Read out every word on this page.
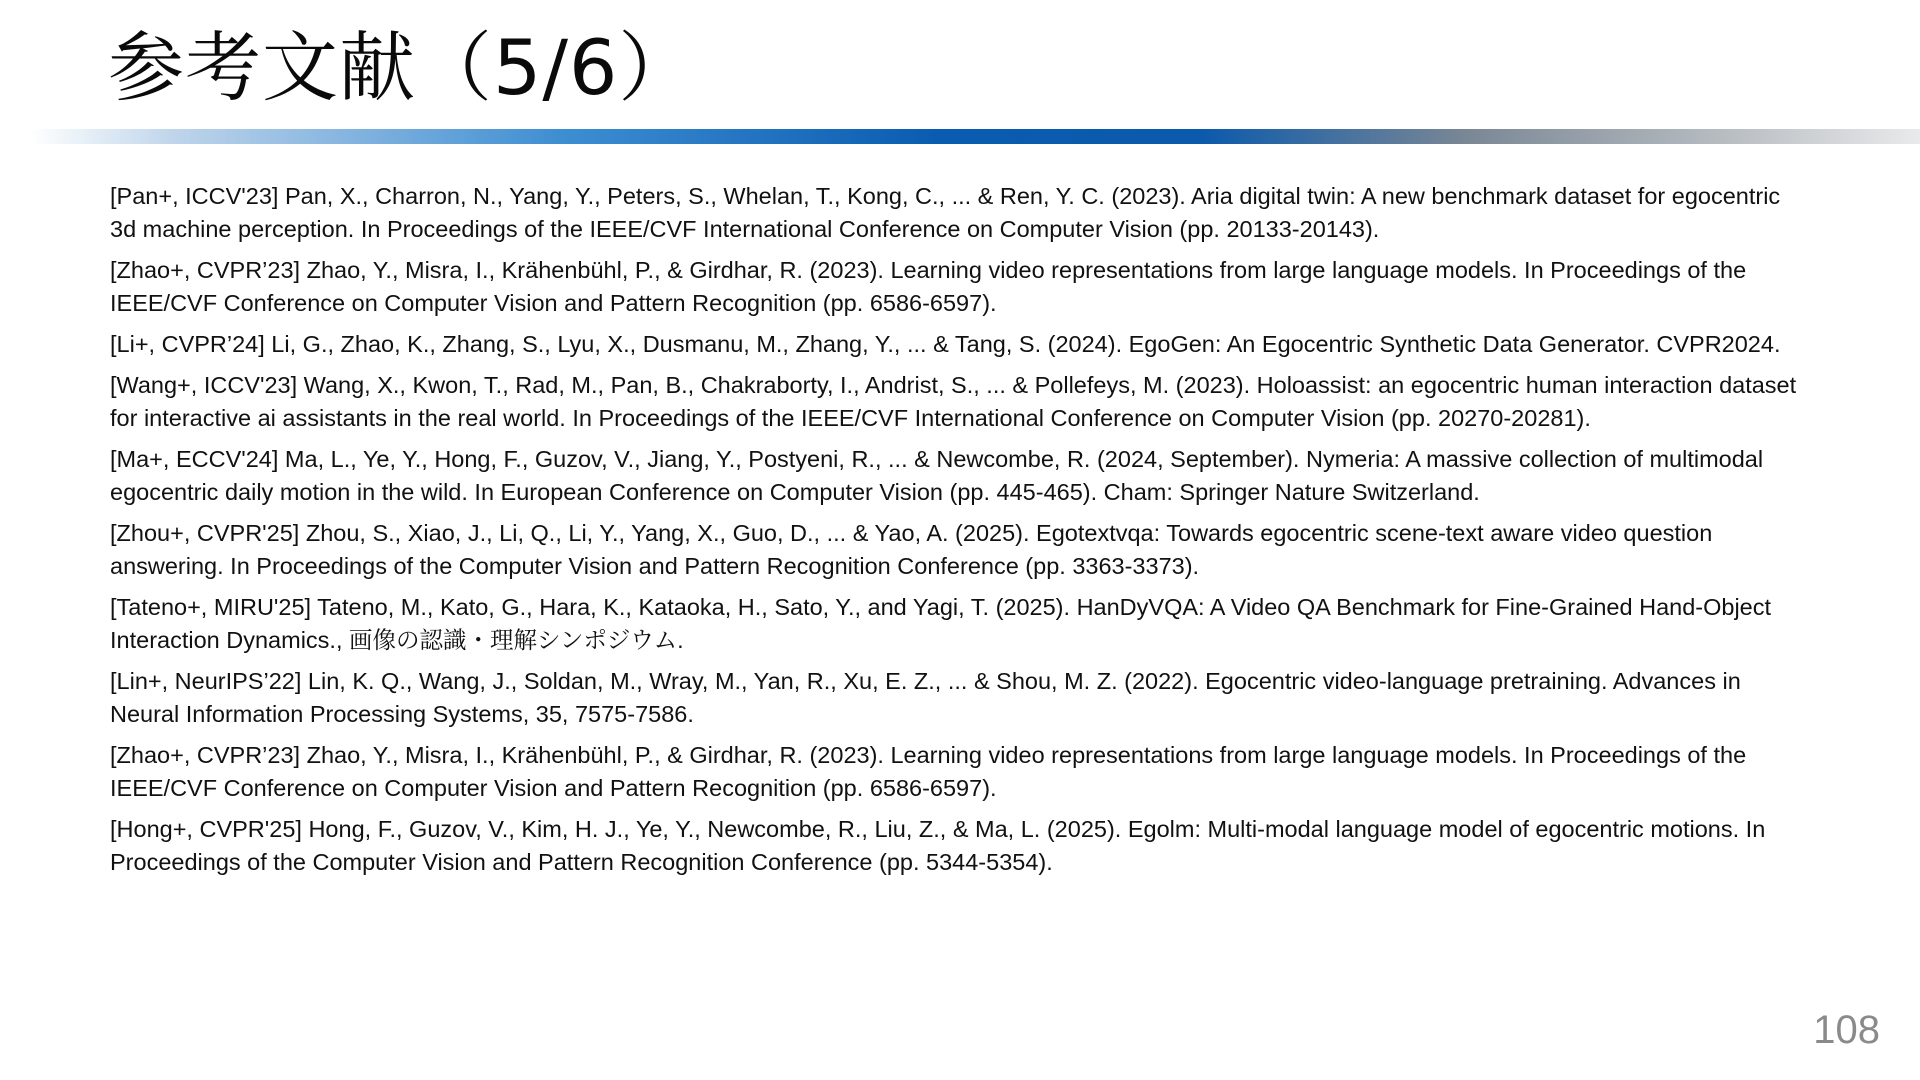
参考文献（5/6）
[Pan+, ICCV'23] Pan, X., Charron, N., Yang, Y., Peters, S., Whelan, T., Kong, C., ... & Ren, Y. C. (2023). Aria digital twin: A new benchmark dataset for egocentric 3d machine perception. In Proceedings of the IEEE/CVF International Conference on Computer Vision (pp. 20133-20143).
[Zhao+, CVPR’23] Zhao, Y., Misra, I., Krähenbühl, P., & Girdhar, R. (2023). Learning video representations from large language models. In Proceedings of the IEEE/CVF Conference on Computer Vision and Pattern Recognition (pp. 6586-6597).
[Li+, CVPR’24] Li, G., Zhao, K., Zhang, S., Lyu, X., Dusmanu, M., Zhang, Y., ... & Tang, S. (2024). EgoGen: An Egocentric Synthetic Data Generator. CVPR2024.
[Wang+, ICCV'23] Wang, X., Kwon, T., Rad, M., Pan, B., Chakraborty, I., Andrist, S., ... & Pollefeys, M. (2023). Holoassist: an egocentric human interaction dataset for interactive ai assistants in the real world. In Proceedings of the IEEE/CVF International Conference on Computer Vision (pp. 20270-20281).
[Ma+, ECCV'24] Ma, L., Ye, Y., Hong, F., Guzov, V., Jiang, Y., Postyeni, R., ... & Newcombe, R. (2024, September). Nymeria: A massive collection of multimodal egocentric daily motion in the wild. In European Conference on Computer Vision (pp. 445-465). Cham: Springer Nature Switzerland.
[Zhou+, CVPR'25] Zhou, S., Xiao, J., Li, Q., Li, Y., Yang, X., Guo, D., ... & Yao, A. (2025). Egotextvqa: Towards egocentric scene-text aware video question answering. In Proceedings of the Computer Vision and Pattern Recognition Conference (pp. 3363-3373).
[Tateno+, MIRU'25] Tateno, M., Kato, G., Hara, K., Kataoka, H., Sato, Y., and Yagi, T. (2025). HanDyVQA: A Video QA Benchmark for Fine-Grained Hand-Object Interaction Dynamics., 画像の認識・理解シンポジウム.
[Lin+, NeurIPS’22] Lin, K. Q., Wang, J., Soldan, M., Wray, M., Yan, R., Xu, E. Z., ... & Shou, M. Z. (2022). Egocentric video-language pretraining. Advances in Neural Information Processing Systems, 35, 7575-7586.
[Zhao+, CVPR’23] Zhao, Y., Misra, I., Krähenbühl, P., & Girdhar, R. (2023). Learning video representations from large language models. In Proceedings of the IEEE/CVF Conference on Computer Vision and Pattern Recognition (pp. 6586-6597).
[Hong+, CVPR'25] Hong, F., Guzov, V., Kim, H. J., Ye, Y., Newcombe, R., Liu, Z., & Ma, L. (2025). Egolm: Multi-modal language model of egocentric motions. In Proceedings of the Computer Vision and Pattern Recognition Conference (pp. 5344-5354).
108
